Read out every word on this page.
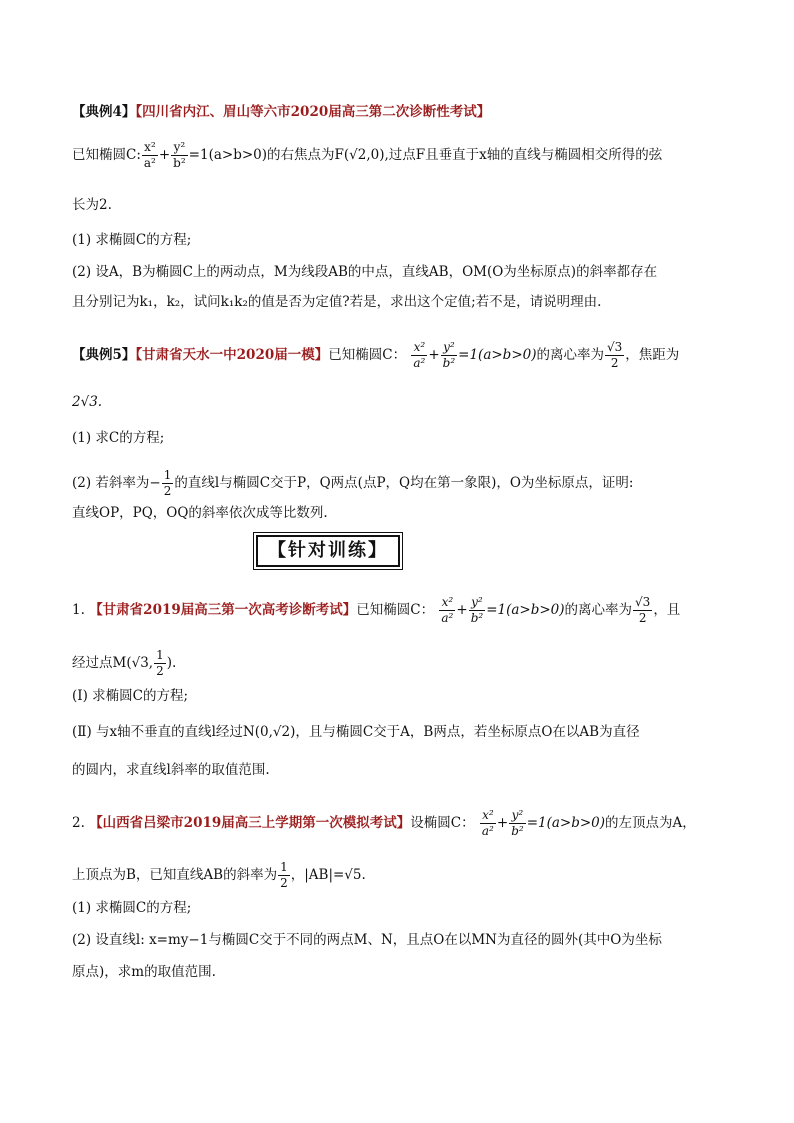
【典例4】【四川省内江、眉山等六市2020届高三第二次诊断性考试】
已知椭圆C: $\frac{\text{x²}}{\text{a²}} + \frac{\text{y²}}{\text{b²}} =1(a>b>0)$的右焦点为F(√2,0),过点F且垂直于x轴的直线与椭圆相交所得的弦
长为2.
(1) 求椭圆C的方程;
(2) 设A，B为椭圆C上的两动点，M为线段AB的中点，直线AB，OM(O为坐标原点)的斜率都存在
且分别记为k₁，k₂，试问k₁k₂的值是否为定值?若是，求出这个定值;若不是，请说明理由.
【典例5】【甘肃省天水一中2020届一模】已知椭圆C： $\frac{\text{x²}}{\text{a²}} + \frac{\text{y²}}{\text{b²}} =1(a>b>0)$的离心率为 $\frac{√3}{2}$ ，焦距为
2√3.
(1) 求C的方程;
(2) 若斜率为− $\frac{1}{2}$ 的直线l与椭圆C交于P，Q两点(点P，Q均在第一象限)，O为坐标原点，证明:
直线OP，PQ，OQ的斜率依次成等比数列.
【针对训练】
1. 【甘肃省2019届高三第一次高考诊断考试】已知椭圆C： $\frac{\text{x²}}{\text{a²}} + \frac{\text{y²}}{\text{b²}} =1(a>b>0)$的离心率为 $\frac{√3}{2}$ ，且
经过点M(√3, $\frac{1}{2}$ ).
(Ⅰ) 求椭圆C的方程;
(Ⅱ) 与x轴不垂直的直线l经过N(0,√2)，且与椭圆C交于A，B两点，若坐标原点O在以AB为直径
的圆内，求直线l斜率的取值范围.
2. 【山西省吕梁市2019届高三上学期第一次模拟考试】设椭圆C： $\frac{\text{x²}}{\text{a²}} + \frac{\text{y²}}{\text{b²}} =1(a>b>0)$的左顶点为A，
上顶点为B，已知直线AB的斜率为 $\frac{1}{2}$ ，|AB|=√5.
(1) 求椭圆C的方程;
(2) 设直线l: x=my−1与椭圆C交于不同的两点M、N，且点O在以MN为直径的圆外(其中O为坐标
原点)，求m的取值范围.
